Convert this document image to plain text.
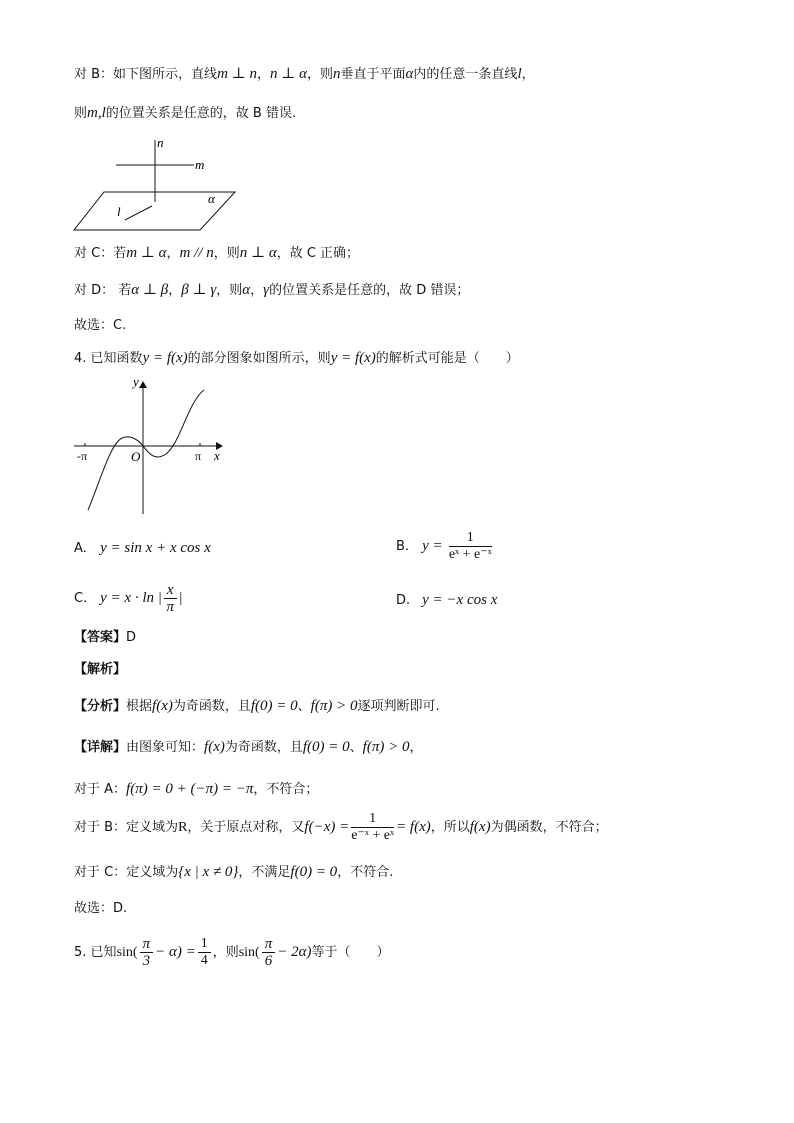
对 B：如下图所示，直线m ⊥ n，n ⊥ α，则n垂直于平面α内的任意一条直线l，
则m,l的位置关系是任意的，故 B 错误.
n
m
l
α
对 C：若m ⊥ α，m // n，则n ⊥ α，故 C 正确；
对 D： 若α ⊥ β，β ⊥ γ，则α，γ的位置关系是任意的，故 D 错误；
故选：C.
4. 已知函数y = f(x)的部分图象如图所示，则y = f(x)的解析式可能是（　　）
y
x
O
-π	π
A. y = sin x + x cos x	B. $y = \frac{1}{\text{eˣ + e⁻ˣ}}$
C. y = x · ln | $\frac{x}{\pi}$ |	D. y = −x cos x
【答案】D
【解析】
【分析】根据f(x)为奇函数，且f(0) = 0、f(π) > 0逐项判断即可.
【详解】由图象可知：f(x)为奇函数，且f(0) = 0、f(π) > 0，
对于 A：f(π) = 0 + (−π) = −π，不符合；
对于 B：定义域为R，关于原点对称，又$f(-x) = \frac{1}{\text{e⁻ˣ + eˣ}} = f(x)$，所以f(x)为偶函数，不符合；
对于 C：定义域为{x | x ≠ 0}，不满足f(0) = 0，不符合.
故选：D.
5. 已知$\sin( \frac{\pi}{3} - \alpha) = \frac{1}{4}$ ，则$\sin( \frac{\pi}{6} - 2\alpha)$等于（　　）
